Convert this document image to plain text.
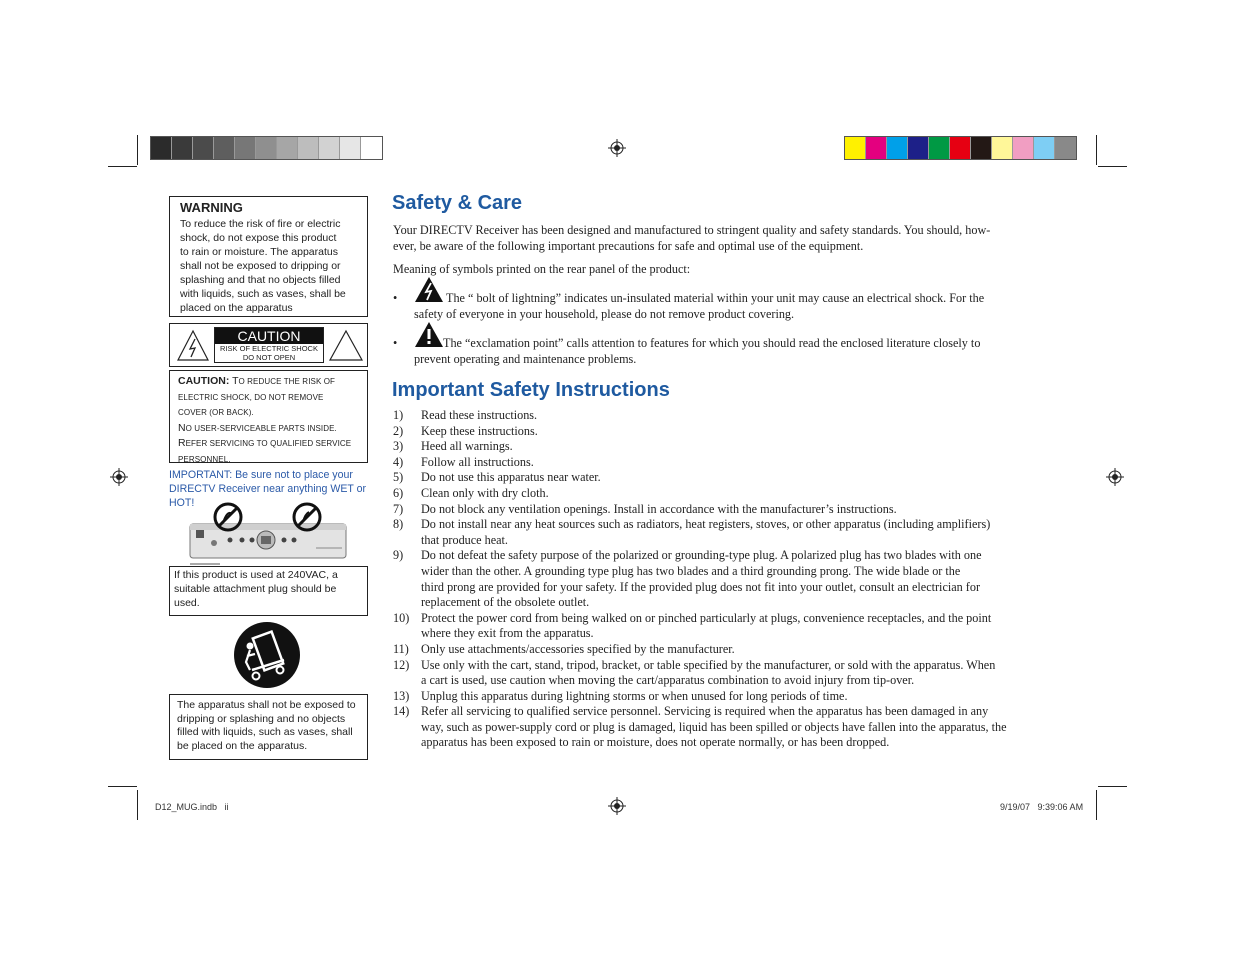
WARNING
To reduce the risk of fire or electric
shock, do not expose this product
to rain or moisture. The apparatus
shall not be exposed to dripping or
splashing and that no objects filled
with liquids, such as vases, shall be
placed on the apparatus
CAUTION
RISK OF ELECTRIC SHOCK
DO NOT OPEN
CAUTION: TO REDUCE THE RISK OF
ELECTRIC SHOCK, DO NOT REMOVE
COVER (OR BACK).
NO USER-SERVICEABLE PARTS INSIDE.
REFER SERVICING TO QUALIFIED SERVICE
PERSONNEL.
IMPORTANT: Be sure not to place your DIRECTV Receiver near anything WET or HOT!
If this product is used at 240VAC, a suitable attachment plug should be used.
The apparatus shall not be exposed to dripping or splashing and no objects filled with liquids, such as vases, shall be placed on the apparatus.
Safety & Care
Your DIRECTV Receiver has been designed and manufactured to stringent quality and safety standards. You should, how-
ever, be aware of the following important precautions for safe and optimal use of the equipment.
Meaning of symbols printed on the rear panel of the product:
•	The “ bolt of lightning” indicates un-insulated material within your unit may cause an electrical shock. For the
safety of everyone in your household, please do not remove product covering.
•	The “exclamation point” calls attention to features for which you should read the enclosed literature closely to
prevent operating and maintenance problems.
Important Safety Instructions
1) Read these instructions.
2) Keep these instructions.
3) Heed all warnings.
4) Follow all instructions.
5) Do not use this apparatus near water.
6) Clean only with dry cloth.
7) Do not block any ventilation openings. Install in accordance with the manufacturer’s instructions.
8) Do not install near any heat sources such as radiators, heat registers, stoves, or other apparatus (including amplifiers)
that produce heat.
9) Do not defeat the safety purpose of the polarized or grounding-type plug. A polarized plug has two blades with one
wider than the other. A grounding type plug has two blades and a third grounding prong. The wide blade or the
third prong are provided for your safety. If the provided plug does not fit into your outlet, consult an electrician for
replacement of the obsolete outlet.
10) Protect the power cord from being walked on or pinched particularly at plugs, convenience receptacles, and the point
where they exit from the apparatus.
11) Only use attachments/accessories specified by the manufacturer.
12) Use only with the cart, stand, tripod, bracket, or table specified by the manufacturer, or sold with the apparatus. When
a cart is used, use caution when moving the cart/apparatus combination to avoid injury from tip-over.
13) Unplug this apparatus during lightning storms or when unused for long periods of time.
14) Refer all servicing to qualified service personnel. Servicing is required when the apparatus has been damaged in any
way, such as power-supply cord or plug is damaged, liquid has been spilled or objects have fallen into the apparatus, the
apparatus has been exposed to rain or moisture, does not operate normally, or has been dropped.
D12_MUG.indb   ii	9/19/07   9:39:06 AM
